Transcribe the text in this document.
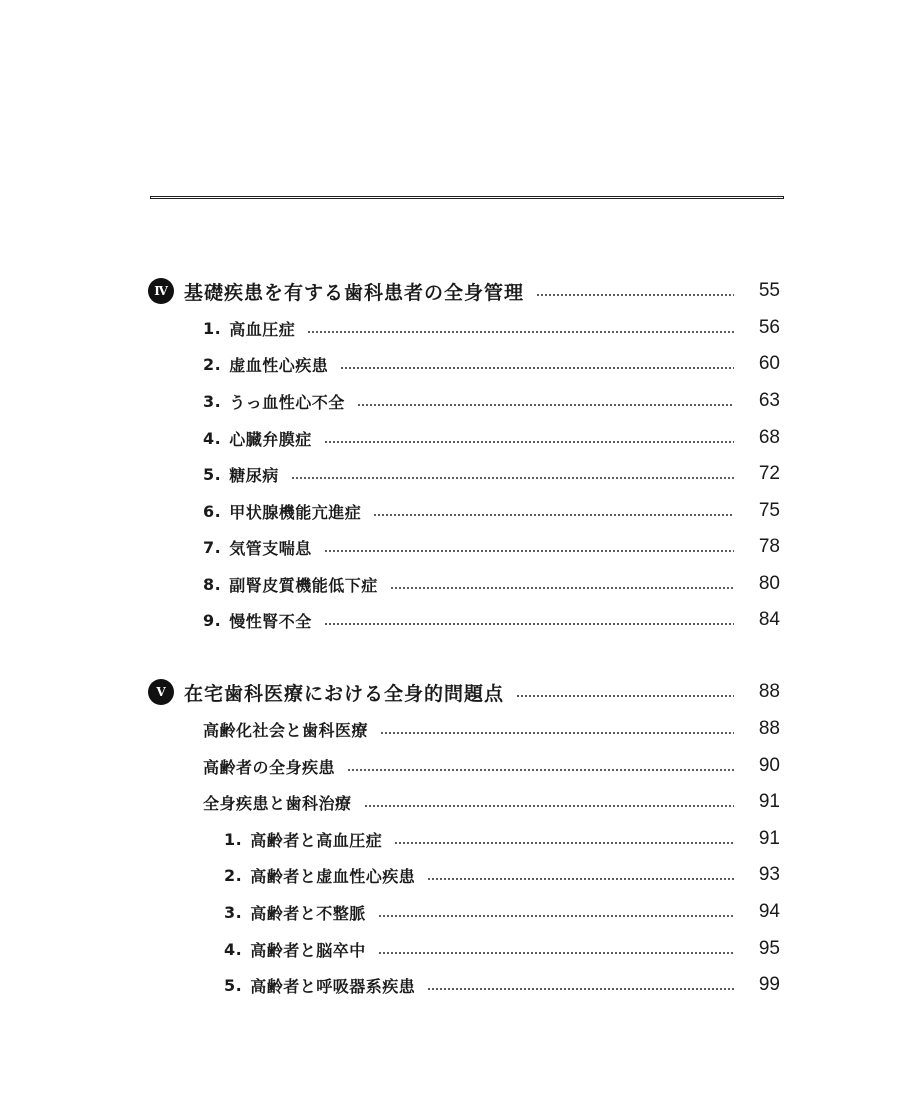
Ⅳ 基礎疾患を有する歯科患者の全身管理	55
1. 高血圧症	56
2. 虚血性心疾患	60
3. うっ血性心不全	63
4. 心臓弁膜症	68
5. 糖尿病	72
6. 甲状腺機能亢進症	75
7. 気管支喘息	78
8. 副腎皮質機能低下症	80
9. 慢性腎不全	84
Ⅴ 在宅歯科医療における全身的問題点	88
高齢化社会と歯科医療	88
高齢者の全身疾患	90
全身疾患と歯科治療	91
1. 高齢者と高血圧症	91
2. 高齢者と虚血性心疾患	93
3. 高齢者と不整脈	94
4. 高齢者と脳卒中	95
5. 高齢者と呼吸器系疾患	99
